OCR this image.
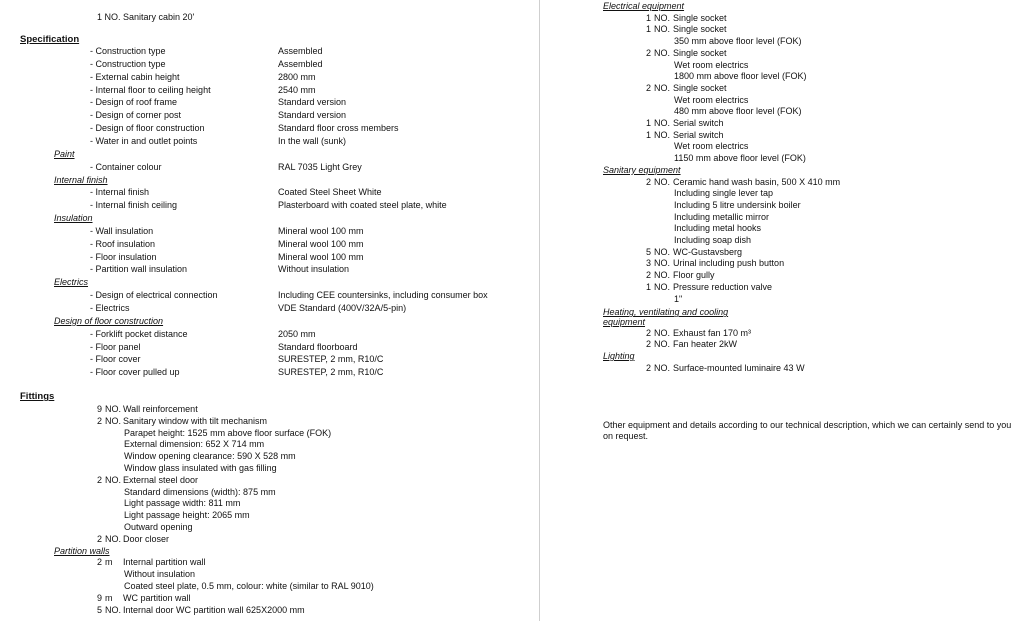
1 NO. Sanitary cabin 20'
Specification
- Construction type	Assembled
- Construction type	Assembled
- External cabin height	2800 mm
- Internal floor to ceiling height	2540 mm
- Design of roof frame	Standard version
- Design of corner post	Standard version
- Design of floor construction	Standard floor cross members
- Water in and outlet points	In the wall (sunk)
Paint
- Container colour	RAL 7035 Light Grey
Internal finish
- Internal finish	Coated Steel Sheet White
- Internal finish ceiling	Plasterboard with coated steel plate, white
Insulation
- Wall insulation	Mineral wool 100 mm
- Roof insulation	Mineral wool 100 mm
- Floor insulation	Mineral wool 100 mm
- Partition wall insulation	Without insulation
Electrics
- Design of electrical connection	Including CEE countersinks, including consumer box
- Electrics	VDE Standard (400V/32A/5-pin)
Design of floor construction
- Forklift pocket distance	2050 mm
- Floor panel	Standard floorboard
- Floor cover	SURESTEP, 2 mm, R10/C
- Floor cover pulled up	SURESTEP, 2 mm, R10/C
Fittings
9 NO. Wall reinforcement
2 NO. Sanitary window with tilt mechanism
Parapet height: 1525 mm above floor surface (FOK)
External dimension: 652 X 714 mm
Window opening clearance: 590 X 528 mm
Window glass insulated with gas filling
2 NO. External steel door
Standard dimensions (width): 875 mm
Light passage width: 811 mm
Light passage height: 2065 mm
Outward opening
2 NO. Door closer
Partition walls
2 m Internal partition wall
Without insulation
Coated steel plate, 0.5 mm, colour: white (similar to RAL 9010)
9 m WC partition wall
5 NO. Internal door WC partition wall 625X2000 mm
Electrical equipment
1 NO. Single socket
1 NO. Single socket
350 mm above floor level (FOK)
2 NO. Single socket
Wet room electrics
1800 mm above floor level (FOK)
2 NO. Single socket
Wet room electrics
480 mm above floor level (FOK)
1 NO. Serial switch
1 NO. Serial switch
Wet room electrics
1150 mm above floor level (FOK)
Sanitary equipment
2 NO. Ceramic hand wash basin, 500 X 410 mm
Including single lever tap
Including 5 litre undersink boiler
Including metallic mirror
Including metal hooks
Including soap dish
5 NO. WC-Gustavsberg
3 NO. Urinal including push button
2 NO. Floor gully
1 NO. Pressure reduction valve
1"
Heating, ventilating and cooling
equipment
2 NO. Exhaust fan 170 m³
2 NO. Fan heater 2kW
Lighting
2 NO. Surface-mounted luminaire 43 W
Other equipment and details according to our technical description, which we can certainly send to you on request.
